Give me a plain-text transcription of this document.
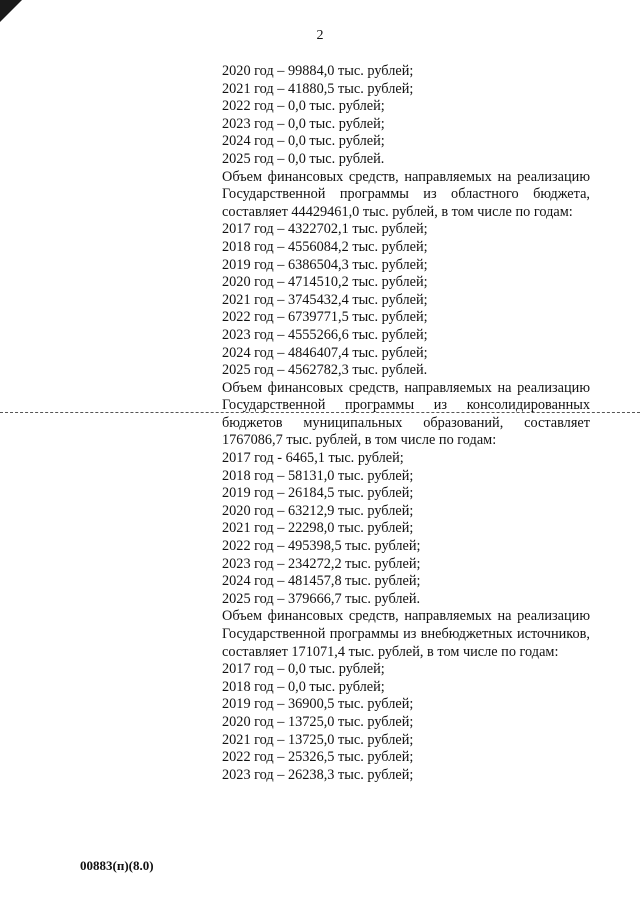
2
2020 год – 99884,0 тыс. рублей;
2021 год – 41880,5 тыс. рублей;
2022 год – 0,0 тыс. рублей;
2023 год – 0,0 тыс. рублей;
2024 год – 0,0 тыс. рублей;
2025 год – 0,0 тыс. рублей.
Объем финансовых средств, направляемых на реализацию Государственной программы из областного бюджета, составляет 44429461,0 тыс. рублей, в том числе по годам:
2017 год – 4322702,1 тыс. рублей;
2018 год – 4556084,2 тыс. рублей;
2019 год – 6386504,3 тыс. рублей;
2020 год – 4714510,2 тыс. рублей;
2021 год – 3745432,4 тыс. рублей;
2022 год – 6739771,5 тыс. рублей;
2023 год – 4555266,6 тыс. рублей;
2024 год – 4846407,4 тыс. рублей;
2025 год – 4562782,3 тыс. рублей.
Объем финансовых средств, направляемых на реализацию Государственной программы из консолидированных бюджетов муниципальных образований, составляет 1767086,7 тыс. рублей, в том числе по годам:
2017 год - 6465,1 тыс. рублей;
2018 год – 58131,0 тыс. рублей;
2019 год – 26184,5 тыс. рублей;
2020 год – 63212,9 тыс. рублей;
2021 год – 22298,0 тыс. рублей;
2022 год – 495398,5 тыс. рублей;
2023 год – 234272,2 тыс. рублей;
2024 год – 481457,8 тыс. рублей;
2025 год – 379666,7 тыс. рублей.
Объем финансовых средств, направляемых на реализацию Государственной программы из внебюджетных источников, составляет 171071,4 тыс. рублей, в том числе по годам:
2017 год – 0,0 тыс. рублей;
2018 год – 0,0 тыс. рублей;
2019 год – 36900,5 тыс. рублей;
2020 год – 13725,0 тыс. рублей;
2021 год – 13725,0 тыс. рублей;
2022 год – 25326,5 тыс. рублей;
2023 год – 26238,3 тыс. рублей;
00883(п)(8.0)
